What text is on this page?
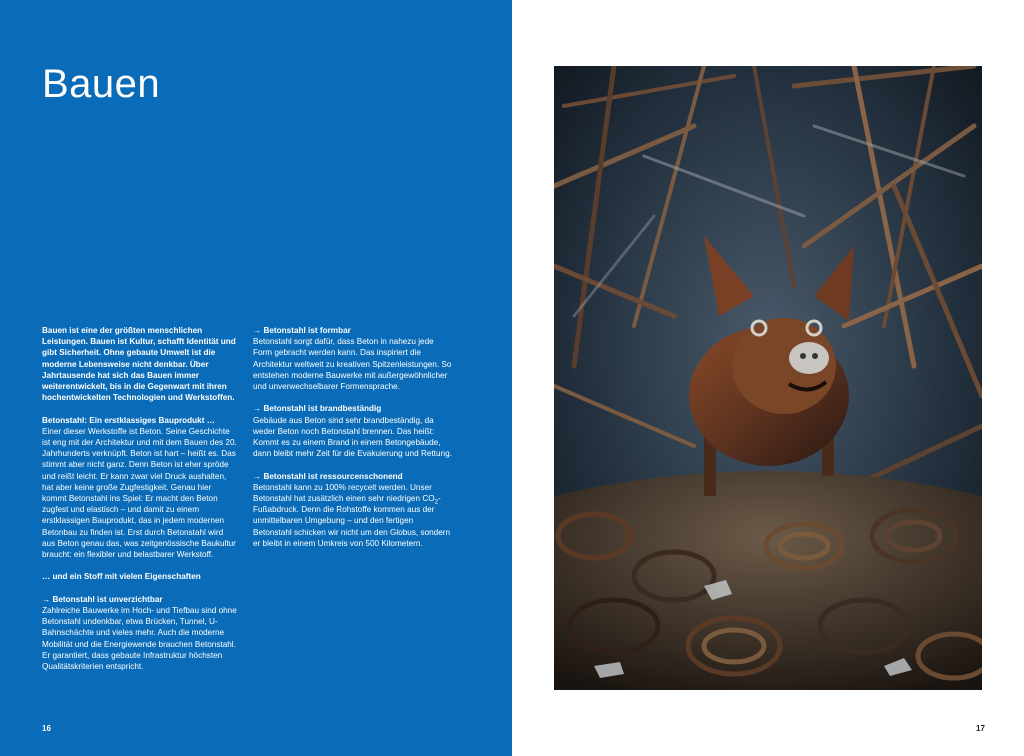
Bauen

Bauen ist eine der größten menschlichen Leistungen. Bauen ist Kultur, schafft Identität und gibt Sicherheit. Ohne gebaute Umwelt ist die moderne Lebensweise nicht denkbar. Über Jahrtausende hat sich das Bauen immer weiterentwickelt, bis in die Gegenwart mit ihren hochentwickelten Technologien und Werkstoffen.

Betonstahl: Ein erstklassiges Bauprodukt …
Einer dieser Werkstoffe ist Beton. Seine Geschichte ist eng mit der Architektur und mit dem Bauen des 20. Jahrhunderts verknüpft. Beton ist hart – heißt es. Das stimmt aber nicht ganz. Denn Beton ist eher spröde und reißt leicht. Er kann zwar viel Druck aushalten, hat aber keine große Zugfestigkeit. Genau hier kommt Betonstahl ins Spiel: Er macht den Beton zugfest und elastisch – und damit zu einem erstklassigen Bauprodukt, das in jedem modernen Betonbau zu finden ist. Erst durch Betonstahl wird aus Beton genau das, was zeitgenössische Baukultur braucht: ein flexibler und belastbarer Werkstoff.

… und ein Stoff mit vielen Eigenschaften

→ Betonstahl ist unverzichtbar
Zahlreiche Bauwerke im Hoch- und Tiefbau sind ohne Betonstahl undenkbar, etwa Brücken, Tunnel, U-Bahnschächte und vieles mehr. Auch die moderne Mobilität und die Energiewende brauchen Betonstahl. Er garantiert, dass gebaute Infrastruktur höchsten Qualitätskriterien entspricht.

→ Betonstahl ist formbar
Betonstahl sorgt dafür, dass Beton in nahezu jede Form gebracht werden kann. Das inspiriert die Architektur weltweit zu kreativen Spitzenleistungen. So entstehen moderne Bauwerke mit außergewöhnlicher und unverwechselbarer Formensprache.

→ Betonstahl ist brandbeständig
Gebäude aus Beton sind sehr brandbeständig, da weder Beton noch Betonstahl brennen. Das heißt: Kommt es zu einem Brand in einem Betongebäude, dann bleibt mehr Zeit für die Evakuierung und Rettung.

→ Betonstahl ist ressourcenschonend
Betonstahl kann zu 100% recycelt werden. Unser Betonstahl hat zusätzlich einen sehr niedrigen $CO_2$-Fußabdruck. Denn die Rohstoffe kommen aus der unmittelbaren Umgebung – und den fertigen Betonstahl schicken wir nicht um den Globus, sondern er bleibt in einem Umkreis von 500 Kilometern.

16	17
